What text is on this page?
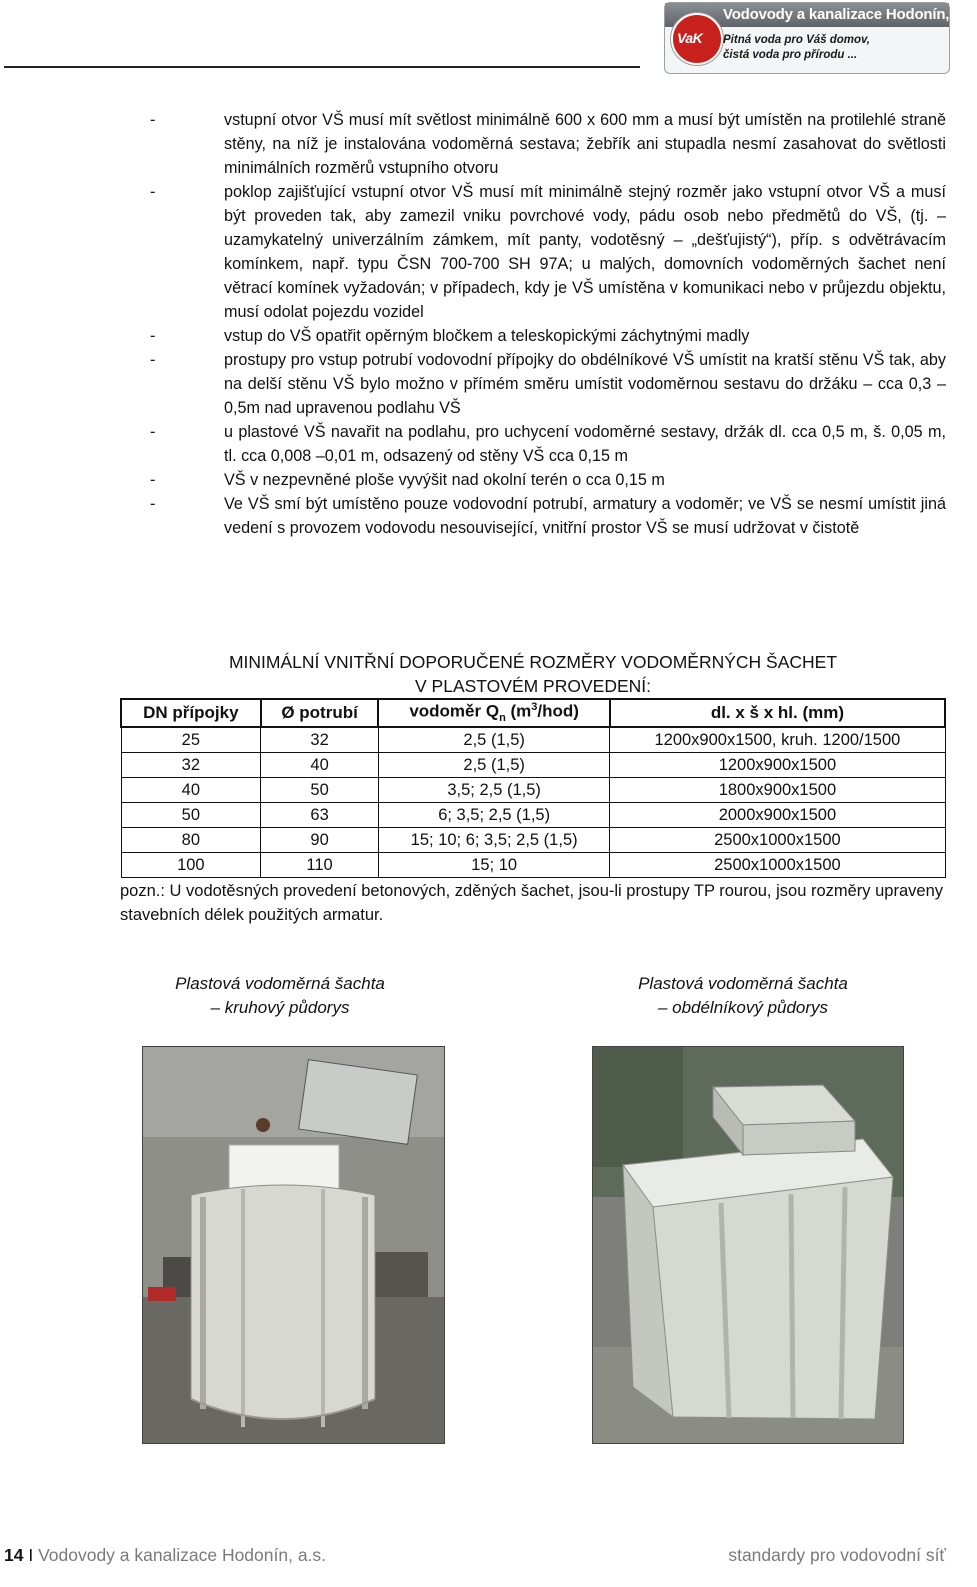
VaK
Vodovody a kanalizace Hodonín, a.s.
Pitná voda pro Váš domov,
čistá voda pro přírodu ...
-	vstupní otvor VŠ musí mít světlost minimálně 600 x 600 mm a musí být umístěn na protilehlé straně stěny, na níž je instalována vodoměrná sestava; žebřík ani stupadla nesmí zasahovat do světlosti minimálních rozměrů vstupního otvoru
-	poklop zajišťující vstupní otvor VŠ musí mít minimálně stejný rozměr jako vstupní otvor VŠ a musí být proveden tak, aby zamezil vniku povrchové vody, pádu osob nebo předmětů do VŠ, (tj. – uzamykatelný univerzálním zámkem, mít panty, vodotěsný – „dešťujistý“), příp. s odvětrávacím komínkem, např. typu ČSN 700-700 SH 97A; u malých, domovních vodoměrných šachet není větrací komínek vyžadován; v případech, kdy je VŠ umístěna v komunikaci nebo v průjezdu objektu, musí odolat pojezdu vozidel
-	vstup do VŠ opatřit opěrným bločkem a teleskopickými záchytnými madly
-	prostupy pro vstup potrubí vodovodní přípojky do obdélníkové VŠ umístit na kratší stěnu VŠ tak, aby na delší stěnu VŠ bylo možno v přímém směru umístit vodoměrnou sestavu do držáku – cca 0,3 – 0,5m nad upravenou podlahu VŠ
-	u plastové VŠ navařit na podlahu, pro uchycení vodoměrné sestavy, držák dl. cca 0,5 m, š. 0,05 m, tl. cca 0,008 –0,01 m, odsazený od stěny VŠ cca 0,15 m
-	VŠ v nezpevněné ploše vyvýšit nad okolní terén o cca 0,15 m
-	Ve VŠ smí být umístěno pouze vodovodní potrubí, armatury a vodoměr; ve VŠ se nesmí umístit jiná vedení s provozem vodovodu nesouvisející, vnitřní prostor VŠ se musí udržovat v čistotě
MINIMÁLNÍ VNITŘNÍ DOPORUČENÉ ROZMĚRY VODOMĚRNÝCH ŠACHET
V PLASTOVÉM PROVEDENÍ:
DN přípojky	Ø potrubí	vodoměr $Q_n$ $(m^3/hod)$	dl. x š x hl. (mm)
25	32	2,5 (1,5)	1200x900x1500, kruh. 1200/1500
32	40	2,5 (1,5)	1200x900x1500
40	50	3,5; 2,5 (1,5)	1800x900x1500
50	63	6; 3,5; 2,5 (1,5)	2000x900x1500
80	90	15; 10; 6; 3,5; 2,5 (1,5)	2500x1000x1500
100	110	15; 10	2500x1000x1500
pozn.: U vodotěsných provedení betonových, zděných šachet, jsou-li prostupy TP rourou, jsou rozměry upraveny stavebních délek použitých armatur.
Plastová vodoměrná šachta
– kruhový půdorys
Plastová vodoměrná šachta
– obdélníkový půdorys
14 I Vodovody a kanalizace Hodonín, a.s.	standardy pro vodovodní síť
